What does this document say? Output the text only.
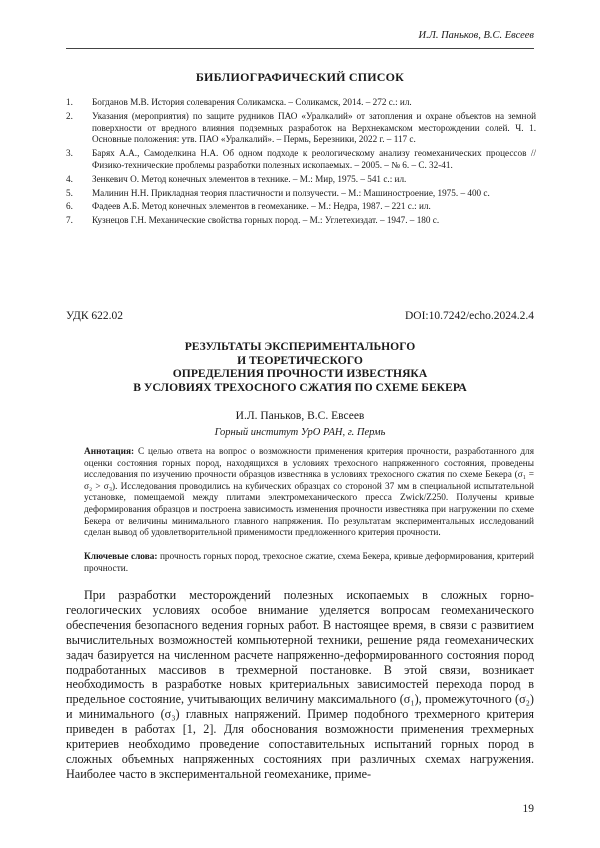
И.Л. Паньков, В.С. Евсеев
БИБЛИОГРАФИЧЕСКИЙ СПИСОК
1.	Богданов М.В. История солеварения Соликамска. – Соликамск, 2014. – 272 с.: ил.
2.	Указания (мероприятия) по защите рудников ПАО «Уралкалий» от затопления и охране объектов на земной поверхности от вредного влияния подземных разработок на Верхнекамском месторождении солей. Ч. 1. Основные положения: утв. ПАО «Уралкалий». – Пермь, Березники, 2022 г. – 117 с.
3.	Барях А.А., Самоделкина Н.А. Об одном подходе к реологическому анализу геомеханических процессов // Физико-технические проблемы разработки полезных ископаемых. – 2005. – № 6. – С. 32-41.
4.	Зенкевич О. Метод конечных элементов в технике. – М.: Мир, 1975. – 541 с.: ил.
5.	Малинин Н.Н. Прикладная теория пластичности и ползучести. – М.: Машиностроение, 1975. – 400 с.
6.	Фадеев А.Б. Метод конечных элементов в геомеханике. – М.: Недра, 1987. – 221 с.: ил.
7.	Кузнецов Г.Н. Механические свойства горных пород. – М.: Углетехиздат. – 1947. – 180 с.
УДК 622.02	DOI:10.7242/echo.2024.2.4
РЕЗУЛЬТАТЫ ЭКСПЕРИМЕНТАЛЬНОГО
И ТЕОРЕТИЧЕСКОГО
ОПРЕДЕЛЕНИЯ ПРОЧНОСТИ ИЗВЕСТНЯКА
В УСЛОВИЯХ ТРЕХОСНОГО СЖАТИЯ ПО СХЕМЕ БЕКЕРА
И.Л. Паньков, В.С. Евсеев
Горный институт УрО РАН, г. Пермь
Аннотация: С целью ответа на вопрос о возможности применения критерия прочности, разработанного для оценки состояния горных пород, находящихся в условиях трехосного напряженного состояния, проведены исследования по изучению прочности образцов известняка в условиях трехосного сжатия по схеме Бекера (σ₁ = σ₂ > σ₃). Исследования проводились на кубических образцах со стороной 37 мм в специальной испытательной установке, помещаемой между плитами электромеханического пресса Zwick/Z250. Получены кривые деформирования образцов и построена зависимость изменения прочности известняка при нагружении по схеме Бекера от величины минимального главного напряжения. По результатам экспериментальных исследований сделан вывод об удовлетворительной применимости предложенного критерия прочности.
Ключевые слова: прочность горных пород, трехосное сжатие, схема Бекера, кривые деформирования, критерий прочности.

При разработки месторождений полезных ископаемых в сложных горно-геологических условиях особое внимание уделяется вопросам геомеханического обеспечения безопасного ведения горных работ. В настоящее время, в связи с развитием вычислительных возможностей компьютерной техники, решение ряда геомеханических задач базируется на численном расчете напряженно-деформированного состояния пород подработанных массивов в трехмерной постановке. В этой связи, возникает необходимость в разработке новых критериальных зависимостей перехода пород в предельное состояние, учитывающих величину максимального (σ₁), промежуточного (σ₂) и минимального (σ₃) главных напряжений. Пример подобного трехмерного критерия приведен в работах [1, 2]. Для обоснования возможности применения трехмерных критериев необходимо проведение сопоставительных испытаний горных пород в сложных объемных напряженных состояниях при различных схемах нагружения. Наиболее часто в экспериментальной геомеханике, приме-

19
